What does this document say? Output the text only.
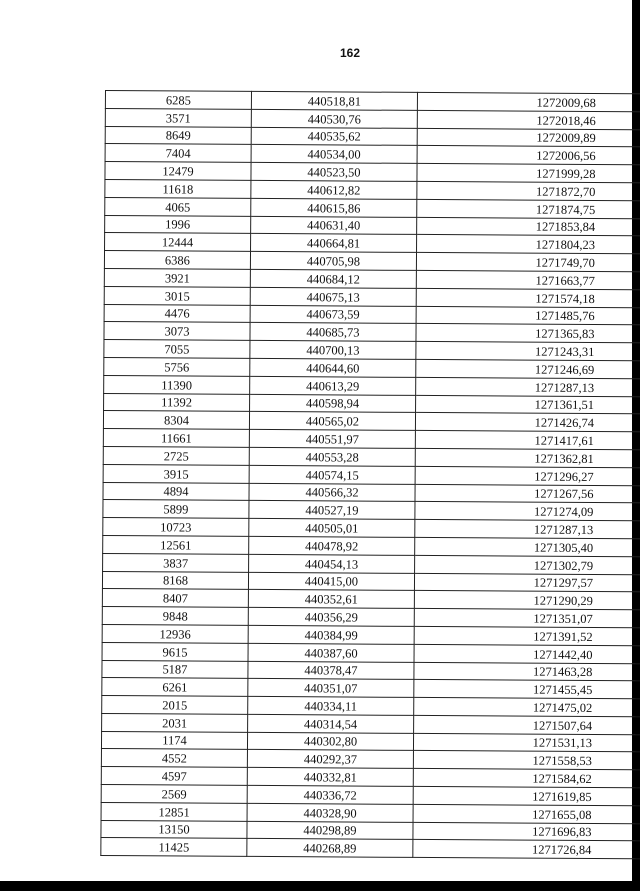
162
6285	440518,81	1272009,68
3571	440530,76	1272018,46
8649	440535,62	1272009,89
7404	440534,00	1272006,56
12479	440523,50	1271999,28
11618	440612,82	1271872,70
4065	440615,86	1271874,75
1996	440631,40	1271853,84
12444	440664,81	1271804,23
6386	440705,98	1271749,70
3921	440684,12	1271663,77
3015	440675,13	1271574,18
4476	440673,59	1271485,76
3073	440685,73	1271365,83
7055	440700,13	1271243,31
5756	440644,60	1271246,69
11390	440613,29	1271287,13
11392	440598,94	1271361,51
8304	440565,02	1271426,74
11661	440551,97	1271417,61
2725	440553,28	1271362,81
3915	440574,15	1271296,27
4894	440566,32	1271267,56
5899	440527,19	1271274,09
10723	440505,01	1271287,13
12561	440478,92	1271305,40
3837	440454,13	1271302,79
8168	440415,00	1271297,57
8407	440352,61	1271290,29
9848	440356,29	1271351,07
12936	440384,99	1271391,52
9615	440387,60	1271442,40
5187	440378,47	1271463,28
6261	440351,07	1271455,45
2015	440334,11	1271475,02
2031	440314,54	1271507,64
1174	440302,80	1271531,13
4552	440292,37	1271558,53
4597	440332,81	1271584,62
2569	440336,72	1271619,85
12851	440328,90	1271655,08
13150	440298,89	1271696,83
11425	440268,89	1271726,84
